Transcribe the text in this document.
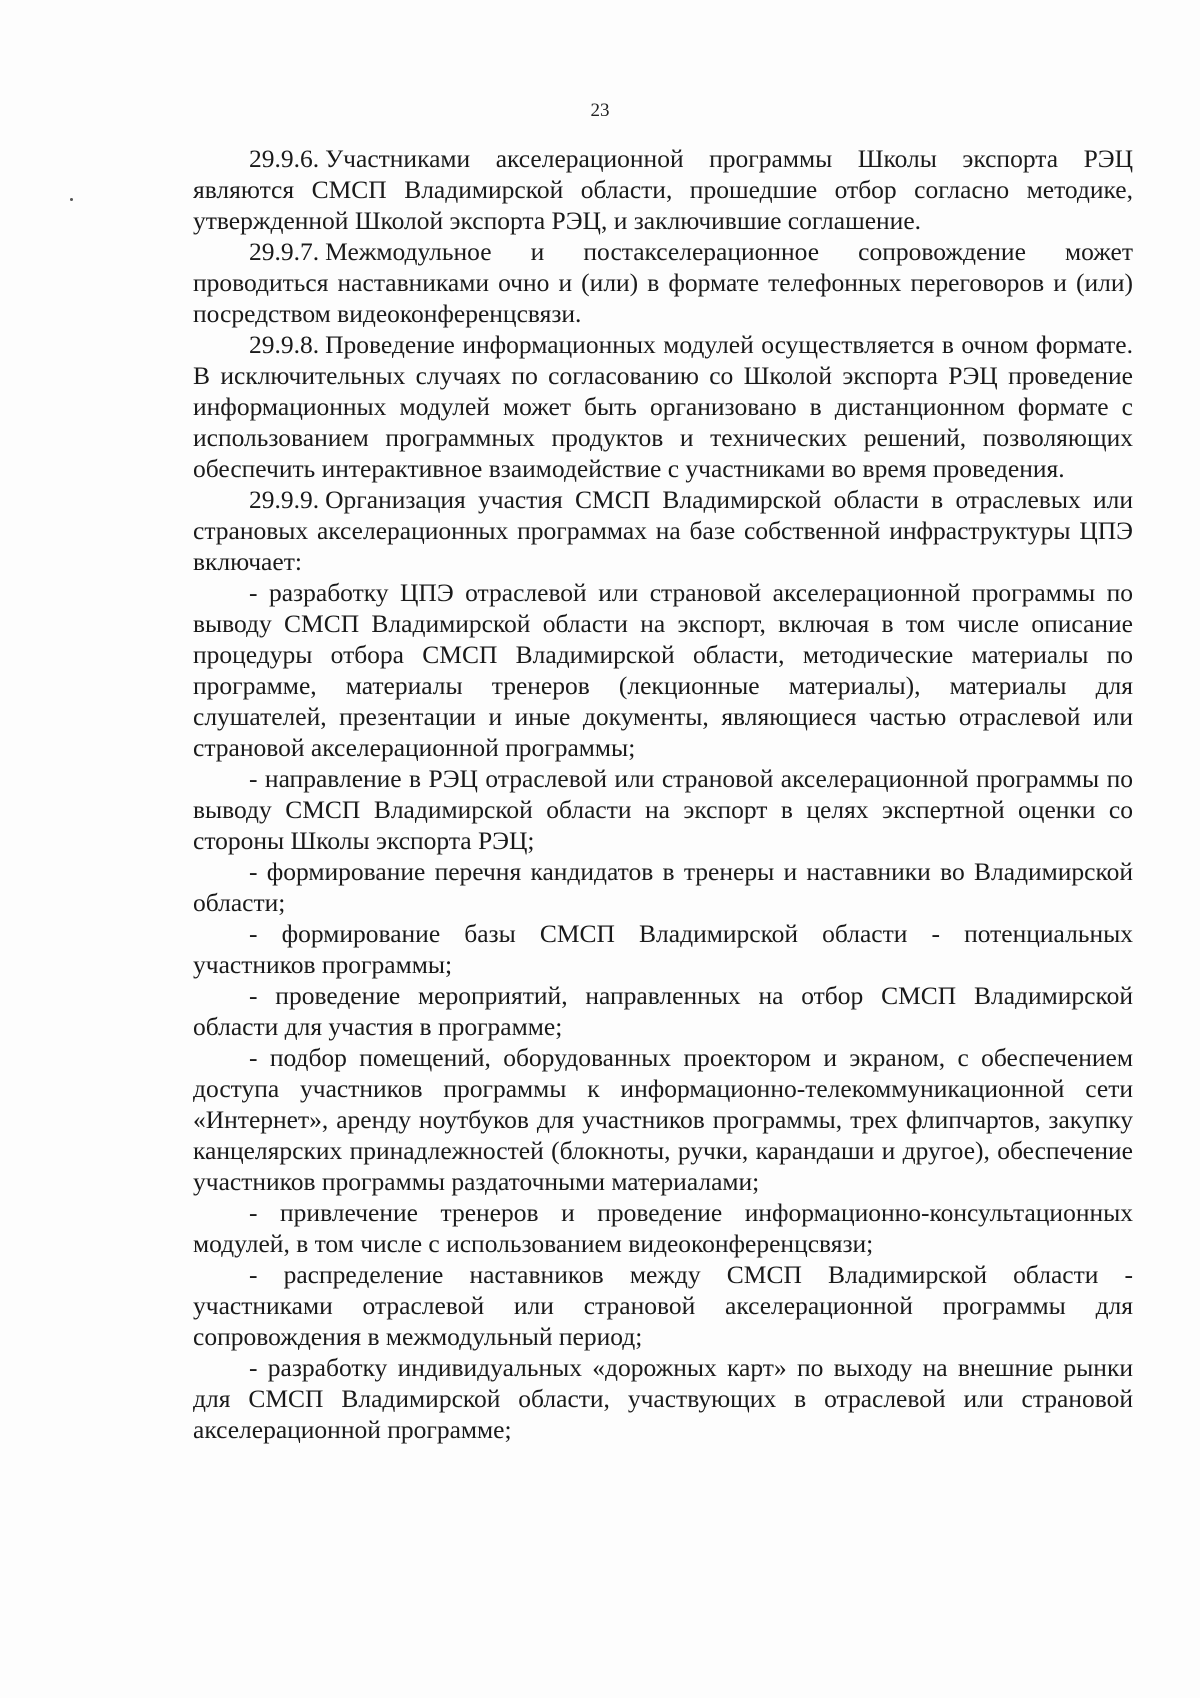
23

29.9.6. Участниками акселерационной программы Школы экспорта РЭЦ являются СМСП Владимирской области, прошедшие отбор согласно методике, утвержденной Школой экспорта РЭЦ, и заключившие соглашение.

29.9.7. Межмодульное и постакселерационное сопровождение может проводиться наставниками очно и (или) в формате телефонных переговоров и (или) посредством видеоконференцсвязи.

29.9.8. Проведение информационных модулей осуществляется в очном формате. В исключительных случаях по согласованию со Школой экспорта РЭЦ проведение информационных модулей может быть организовано в дистанционном формате с использованием программных продуктов и технических решений, позволяющих обеспечить интерактивное взаимодействие с участниками во время проведения.

29.9.9. Организация участия СМСП Владимирской области в отраслевых или страновых акселерационных программах на базе собственной инфраструктуры ЦПЭ включает:

- разработку ЦПЭ отраслевой или страновой акселерационной программы по выводу СМСП Владимирской области на экспорт, включая в том числе описание процедуры отбора СМСП Владимирской области, методические материалы по программе, материалы тренеров (лекционные материалы), материалы для слушателей, презентации и иные документы, являющиеся частью отраслевой или страновой акселерационной программы;

- направление в РЭЦ отраслевой или страновой акселерационной программы по выводу СМСП Владимирской области на экспорт в целях экспертной оценки со стороны Школы экспорта РЭЦ;

- формирование перечня кандидатов в тренеры и наставники во Владимирской области;

- формирование базы СМСП Владимирской области - потенциальных участников программы;

- проведение мероприятий, направленных на отбор СМСП Владимирской области для участия в программе;

- подбор помещений, оборудованных проектором и экраном, с обеспечением доступа участников программы к информационно-телекоммуникационной сети «Интернет», аренду ноутбуков для участников программы, трех флипчартов, закупку канцелярских принадлежностей (блокноты, ручки, карандаши и другое), обеспечение участников программы раздаточными материалами;

- привлечение тренеров и проведение информационно-консультационных модулей, в том числе с использованием видеоконференцсвязи;

- распределение наставников между СМСП Владимирской области - участниками отраслевой или страновой акселерационной программы для сопровождения в межмодульный период;

- разработку индивидуальных «дорожных карт» по выходу на внешние рынки для СМСП Владимирской области, участвующих в отраслевой или страновой акселерационной программе;
